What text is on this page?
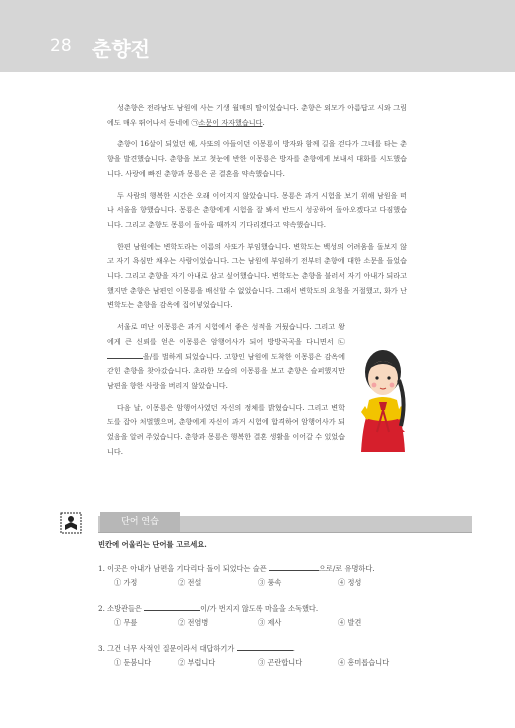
28 춘향전

성춘향은 전라남도 남원에 사는 기생 월매의 딸이었습니다. 춘향은 외모가 아름답고 시와 그림에도 매우 뛰어나서 동네에 ㉠소문이 자자했습니다.

춘향이 16살이 되었던 해, 사또의 아들이던 이몽룡이 방자와 함께 길을 걷다가 그네를 타는 춘향을 발견했습니다. 춘향을 보고 첫눈에 반한 이몽룡은 방자를 춘향에게 보내서 대화를 시도했습니다. 사랑에 빠진 춘향과 몽룡은 곧 결혼을 약속했습니다.

두 사람의 행복한 시간은 오래 이어지지 않았습니다. 몽룡은 과거 시험을 보기 위해 남원을 떠나 서울을 향했습니다. 몽룡은 춘향에게 시험을 잘 봐서 반드시 성공하여 돌아오겠다고 다짐했습니다. 그리고 춘향도 몽룡이 돌아올 때까지 기다리겠다고 약속했습니다.

한편 남원에는 변학도라는 이름의 사또가 부임했습니다. 변학도는 백성의 어려움을 돌보지 않고 자기 욕심만 채우는 사람이었습니다. 그는 남원에 부임하기 전부터 춘향에 대한 소문을 들었습니다. 그리고 춘향을 자기 아내로 삼고 싶어했습니다. 변학도는 춘향을 불러서 자기 아내가 되라고 했지만 춘향은 남편인 이몽룡을 배신할 수 없었습니다. 그래서 변학도의 요청을 거절했고, 화가 난 변학도는 춘향을 감옥에 집어넣었습니다.

서울로 떠난 이몽룡은 과거 시험에서 좋은 성적을 거뒀습니다. 그리고 왕에게 큰 신뢰를 얻은 이몽룡은 암행어사가 되어 방방곡곡을 다니면서 ㉡을/를 벌하게 되었습니다. 고향인 남원에 도착한 이몽룡은 감옥에 갇힌 춘향을 찾아갔습니다. 초라한 모습의 이몽룡을 보고 춘향은 슬퍼했지만 남편을 향한 사랑을 버리지 않았습니다.

다음 날, 이몽룡은 암행어사였던 자신의 정체를 밝혔습니다. 그리고 변학도를 잡아 처벌했으며, 춘향에게 자신이 과거 시험에 합격하여 암행어사가 되었음을 알려 주었습니다. 춘향과 몽룡은 행복한 결혼 생활을 이어갈 수 있었습니다.

단어 연습
빈칸에 어울리는 단어를 고르세요.
1. 이곳은 아내가 남편을 기다리다 돌이 되었다는 슬픈	으로/로 유명하다.
① 가정	② 전설	③ 풍속	④ 정성
2. 소방관들은	이/가 번지지 않도록 마을을 소독했다.
① 무릎	② 전염병	③ 제사	④ 발견
3. 그건 너무 사적인 질문이라서 대답하기가	.
① 둔붐니다	② 부럽니다	③ 곤란합니다	④ 흥미롭습니다
